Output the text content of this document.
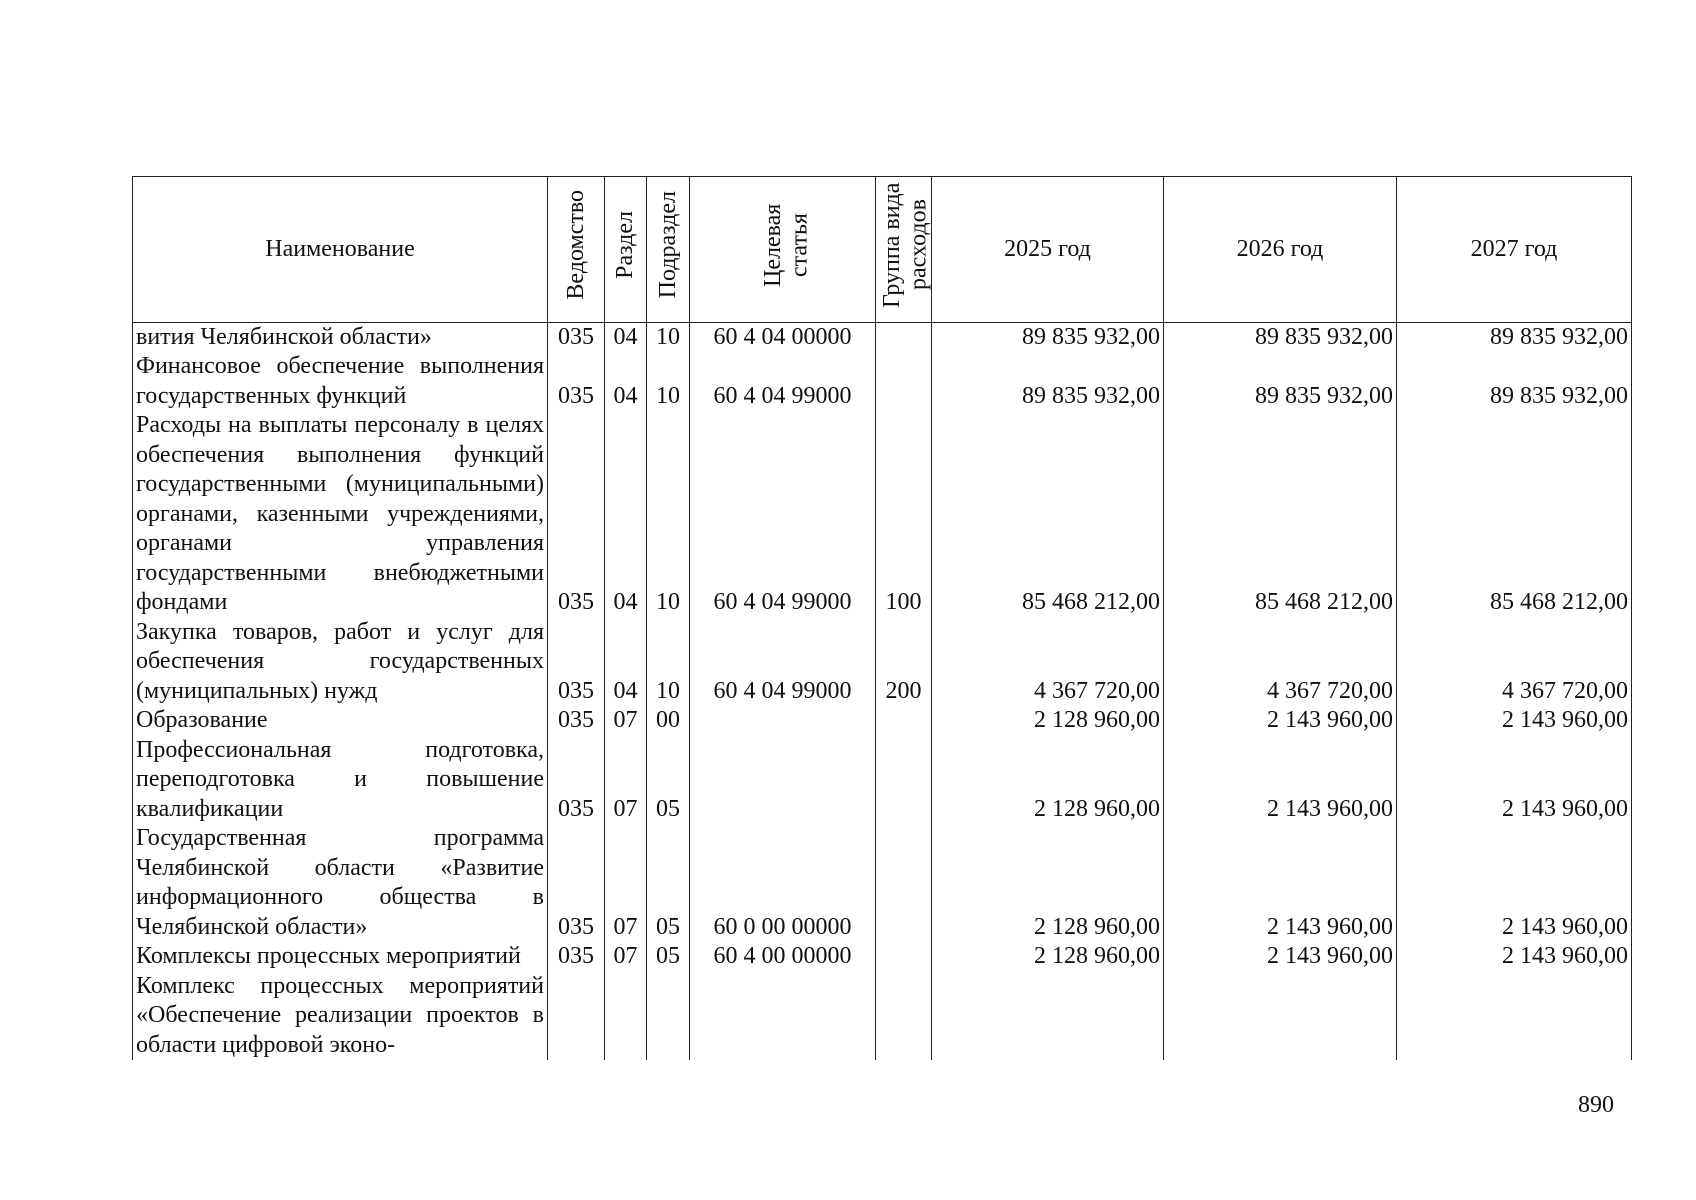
Наименование	Ведомство	Раздел	Подраздел	Целевая статья	Группа вида расходов	2025 год	2026 год	2027 год
вития Челябинской области»	035	04	10	60 4 04 00000		89 835 932,00	89 835 932,00	89 835 932,00
Финансовое обеспечение выполнения государственных функций	035	04	10	60 4 04 99000		89 835 932,00	89 835 932,00	89 835 932,00
Расходы на выплаты персоналу в целях обеспечения выполнения функций государственными (муниципальными) органами, казенными учреждениями, органами управления государственными внебюджетными фондами	035	04	10	60 4 04 99000	100	85 468 212,00	85 468 212,00	85 468 212,00
Закупка товаров, работ и услуг для обеспечения государственных (муниципальных) нужд	035	04	10	60 4 04 99000	200	4 367 720,00	4 367 720,00	4 367 720,00
Образование	035	07	00			2 128 960,00	2 143 960,00	2 143 960,00
Профессиональная подготовка, переподготовка и повышение квалификации	035	07	05			2 128 960,00	2 143 960,00	2 143 960,00
Государственная программа Челябинской области «Развитие информационного общества в Челябинской области»	035	07	05	60 0 00 00000		2 128 960,00	2 143 960,00	2 143 960,00
Комплексы процессных мероприятий	035	07	05	60 4 00 00000		2 128 960,00	2 143 960,00	2 143 960,00
Комплекс процессных мероприятий «Обеспечение реализации проектов в области цифровой эконо-								
890
